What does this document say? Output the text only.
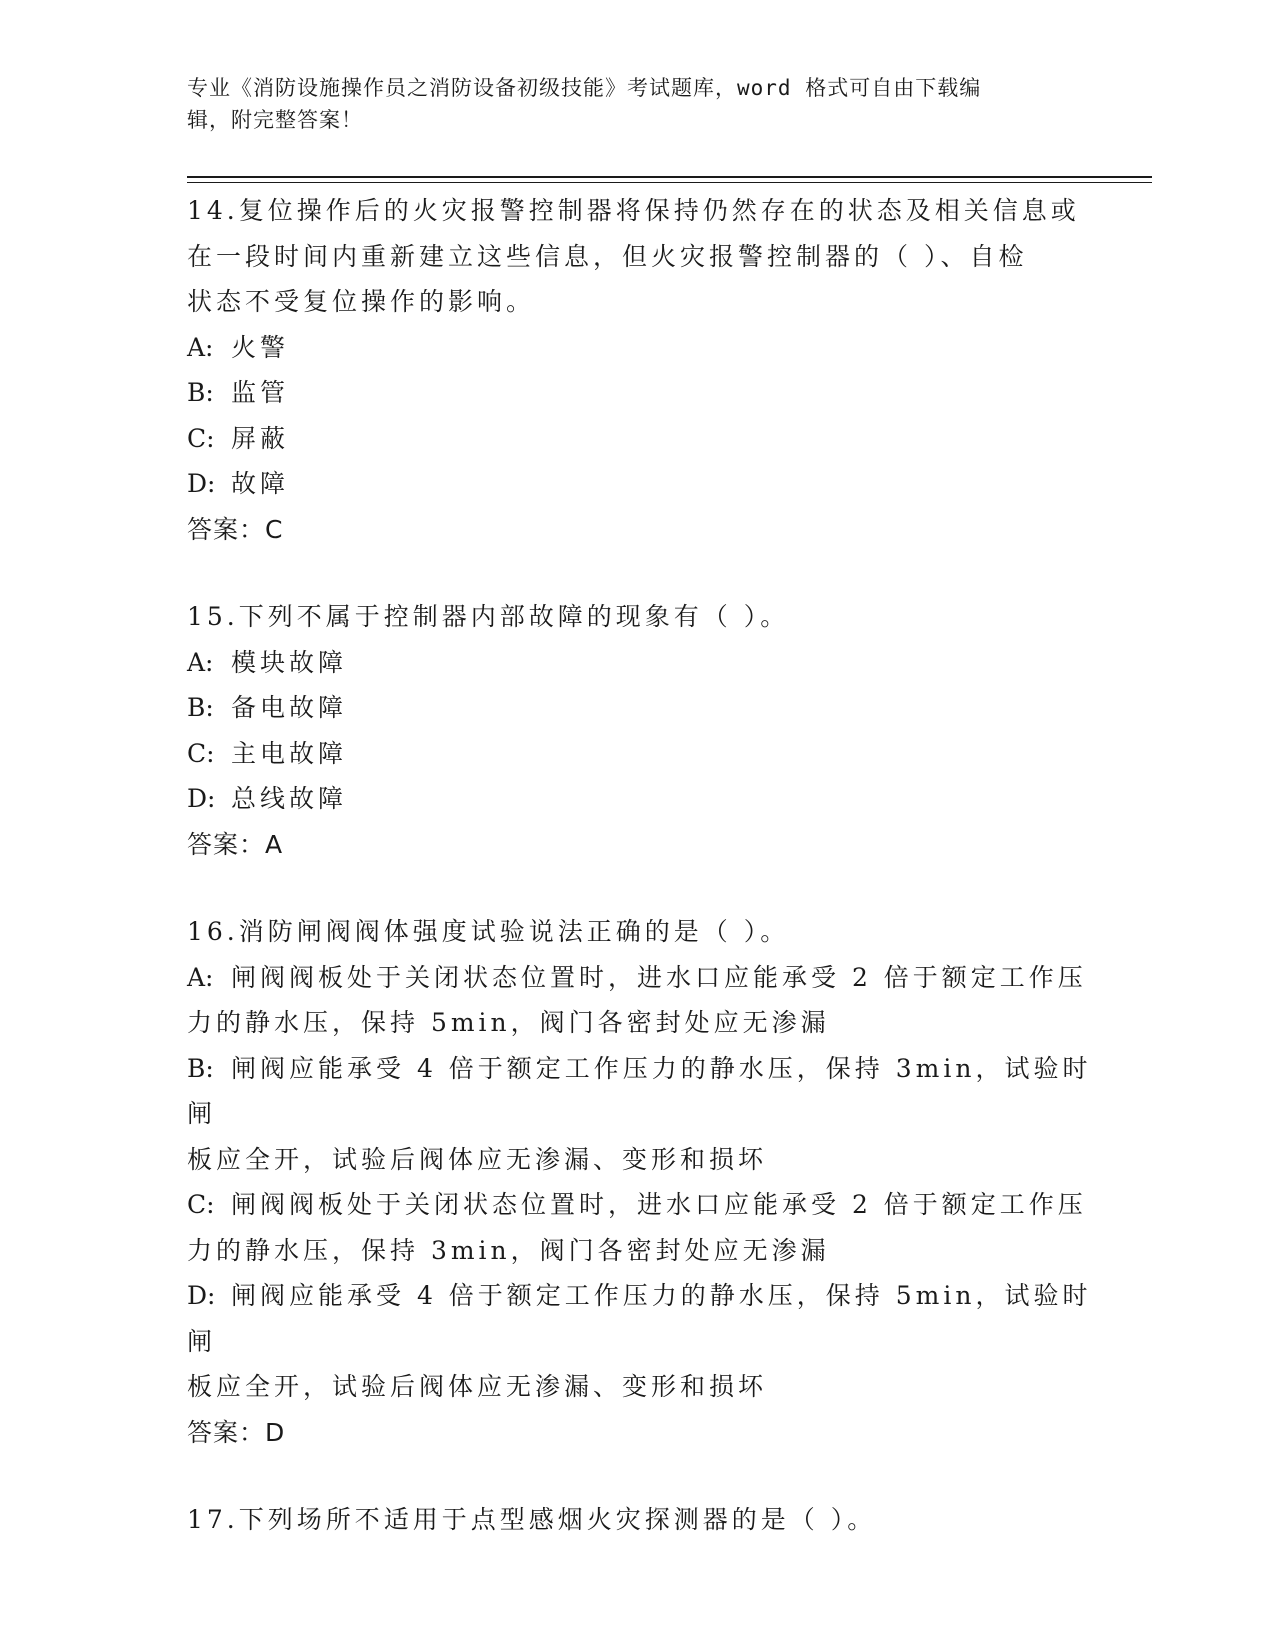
专业《消防设施操作员之消防设备初级技能》考试题库，word 格式可自由下载编
辑，附完整答案！
14.复位操作后的火灾报警控制器将保持仍然存在的状态及相关信息或
在一段时间内重新建立这些信息，但火灾报警控制器的（ ）、自检
状态不受复位操作的影响。
A: 火警
B: 监管
C: 屏蔽
D: 故障
答案：C
15.下列不属于控制器内部故障的现象有（ ）。
A: 模块故障
B: 备电故障
C: 主电故障
D: 总线故障
答案：A
16.消防闸阀阀体强度试验说法正确的是（ ）。
A: 闸阀阀板处于关闭状态位置时，进水口应能承受 2 倍于额定工作压
力的静水压，保持 5min，阀门各密封处应无渗漏
B: 闸阀应能承受 4 倍于额定工作压力的静水压，保持 3min，试验时闸
板应全开，试验后阀体应无渗漏、变形和损坏
C: 闸阀阀板处于关闭状态位置时，进水口应能承受 2 倍于额定工作压
力的静水压，保持 3min，阀门各密封处应无渗漏
D: 闸阀应能承受 4 倍于额定工作压力的静水压，保持 5min，试验时闸
板应全开，试验后阀体应无渗漏、变形和损坏
答案：D
17.下列场所不适用于点型感烟火灾探测器的是（ ）。
